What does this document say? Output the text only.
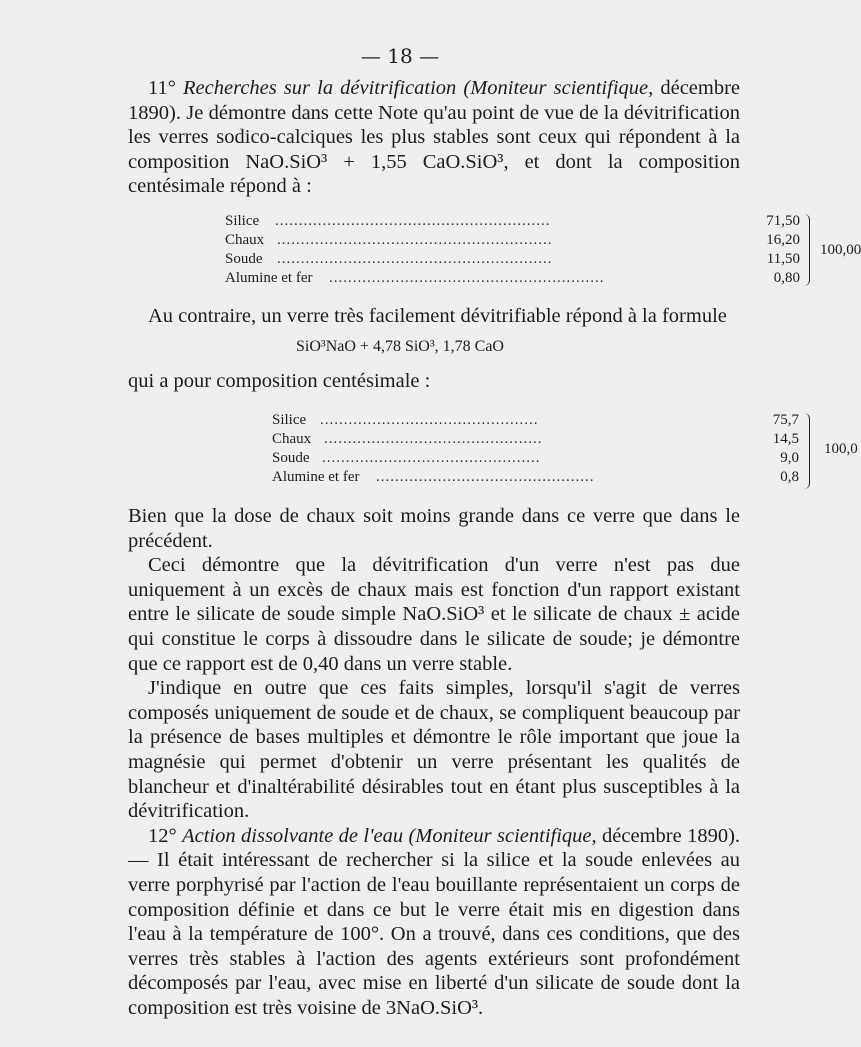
— 18 —

11° Recherches sur la dévitrification (Moniteur scientifique, décembre 1890). Je démontre dans cette Note qu'au point de vue de la dévitrification les verres sodico-calciques les plus stables sont ceux qui répondent à la composition NaO.SiO³ + 1,55 CaO.SiO³, et dont la composition centésimale répond à :

Silice ..........................................................	71,50
Chaux ..........................................................	16,20
Soude ..........................................................	11,50
Alumine et fer ..........................................................	0,80
100,00

Au contraire, un verre très facilement dévitrifiable répond à la formule

SiO³NaO + 4,78 SiO³, 1,78 CaO

qui a pour composition centésimale :

Silice ..............................................	75,7
Chaux ..............................................	14,5
Soude ..............................................	9,0
Alumine et fer ..............................................	0,8
100,0

Bien que la dose de chaux soit moins grande dans ce verre que dans le précédent.

Ceci démontre que la dévitrification d'un verre n'est pas due uniquement à un excès de chaux mais est fonction d'un rapport existant entre le silicate de soude simple NaO.SiO³ et le silicate de chaux ± acide qui constitue le corps à dissoudre dans le silicate de soude; je démontre que ce rapport est de 0,40 dans un verre stable.

J'indique en outre que ces faits simples, lorsqu'il s'agit de verres composés uniquement de soude et de chaux, se compliquent beaucoup par la présence de bases multiples et démontre le rôle important que joue la magnésie qui permet d'obtenir un verre présentant les qualités de blancheur et d'inaltérabilité désirables tout en étant plus susceptibles à la dévitrification.

12° Action dissolvante de l'eau (Moniteur scientifique, décembre 1890). — Il était intéressant de rechercher si la silice et la soude enlevées au verre porphyrisé par l'action de l'eau bouillante représentaient un corps de composition définie et dans ce but le verre était mis en digestion dans l'eau à la température de 100°. On a trouvé, dans ces conditions, que des verres très stables à l'action des agents extérieurs sont profondément décomposés par l'eau, avec mise en liberté d'un silicate de soude dont la composition est très voisine de 3NaO.SiO³.
